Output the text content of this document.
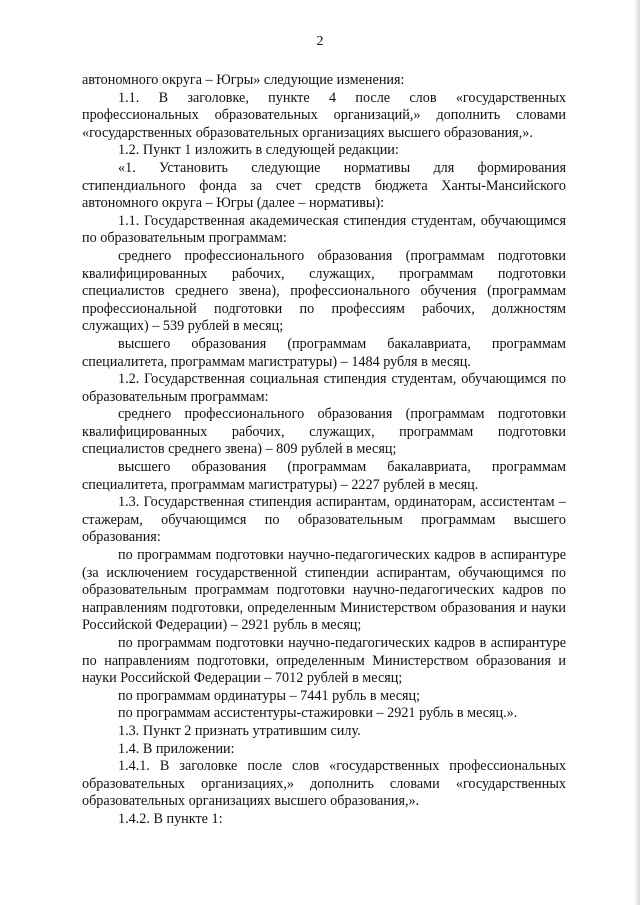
2

автономного округа – Югры» следующие изменения:

1.1. В заголовке, пункте 4 после слов «государственных профессиональных образовательных организаций,» дополнить словами «государственных образовательных организациях высшего образования,».

1.2. Пункт 1 изложить в следующей редакции:

«1. Установить следующие нормативы для формирования стипендиального фонда за счет средств бюджета Ханты-Мансийского автономного округа – Югры (далее – нормативы):

1.1. Государственная академическая стипендия студентам, обучающимся по образовательным программам:

среднего профессионального образования (программам подготовки квалифицированных рабочих, служащих, программам подготовки специалистов среднего звена), профессионального обучения (программам профессиональной подготовки по профессиям рабочих, должностям служащих) – 539 рублей в месяц;

высшего образования (программам бакалавриата, программам специалитета, программам магистратуры) – 1484 рубля в месяц.

1.2. Государственная социальная стипендия студентам, обучающимся по образовательным программам:

среднего профессионального образования (программам подготовки квалифицированных рабочих, служащих, программам подготовки специалистов среднего звена) – 809 рублей в месяц;

высшего образования (программам бакалавриата, программам специалитета, программам магистратуры) – 2227 рублей в месяц.

1.3. Государственная стипендия аспирантам, ординаторам, ассистентам – стажерам, обучающимся по образовательным программам высшего образования:

по программам подготовки научно-педагогических кадров в аспирантуре (за исключением государственной стипендии аспирантам, обучающимся по образовательным программам подготовки научно-педагогических кадров по направлениям подготовки, определенным Министерством образования и науки Российской Федерации) – 2921 рубль в месяц;

по программам подготовки научно-педагогических кадров в аспирантуре по направлениям подготовки, определенным Министерством образования и науки Российской Федерации – 7012 рублей в месяц;

по программам ординатуры – 7441 рубль в месяц;

по программам ассистентуры-стажировки – 2921 рубль в месяц.».

1.3. Пункт 2 признать утратившим силу.

1.4. В приложении:

1.4.1. В заголовке после слов «государственных профессиональных образовательных организациях,» дополнить словами «государственных образовательных организациях высшего образования,».

1.4.2. В пункте 1:
